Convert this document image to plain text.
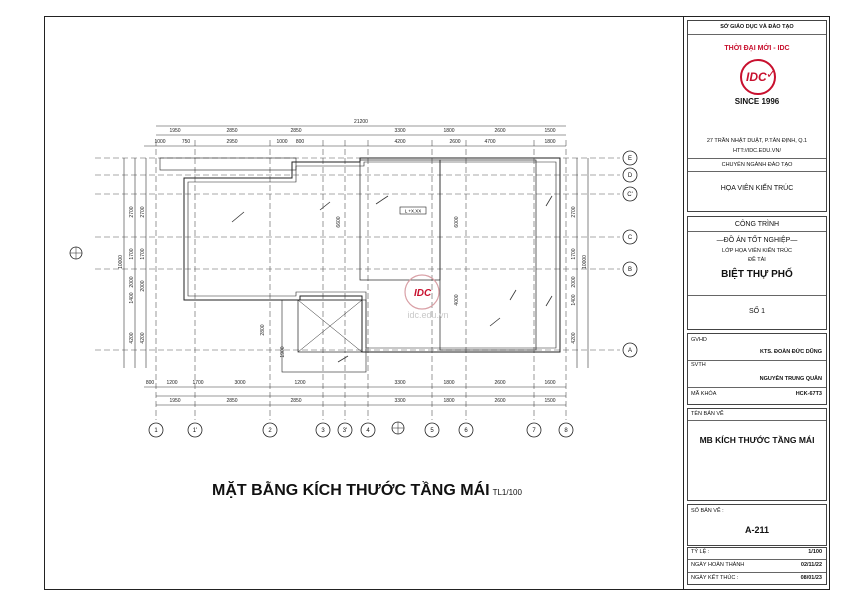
21200
1950	2850	2850	3300	1800	2600	1500
1000	750	2950	1000 800	4200	2600	4700	1800
800 1200	1700	3000	1200	3300	1800	2600	1600
1950	2850	2850	3300	1800	2600	1500
10000
2700
1700
2000
1400
4200
2700
1700
2000
4200
2700
1700
2000
1400
4200
10000
6600	6000
2800
4000
1900
L +X.XX
1	1'	2	3	3'	4	5	6	7	8
E
D
C'
C
B
A
IDC
idc.edu.vn
MẶT BẰNG KÍCH THƯỚC TẦNG MÁI TL1/100
SỞ GIÁO DỤC VÀ ĐÀO TẠO
THỜI ĐẠI MỚI - IDC
IDC ✓
SINCE 1996
27 TRẦN NHẬT DUẬT, P.TÂN ĐỊNH, Q.1
HTT://IDC.EDU.VN/
CHUYÊN NGÀNH ĐÀO TẠO
HỌA VIÊN KIẾN TRÚC
CÔNG TRÌNH
—ĐỒ ÁN TỐT NGHIỆP—
LỚP HỌA VIÊN KIẾN TRÚC
ĐỀ TÀI
BIỆT THỰ PHỐ
SỐ 1
GVHD
KTS. ĐOÀN ĐỨC DŨNG
SVTH
NGUYỄN TRUNG QUÂN
MÃ KHÓA	HCK-67T3
TÊN BẢN VẼ
MB KÍCH THƯỚC TẦNG MÁI
SỐ BẢN VẼ :
A-211
TỶ LỆ :	1/100
NGÀY HOÀN THÀNH	02/11/22
NGÀY KẾT THÚC :	08/01/23
